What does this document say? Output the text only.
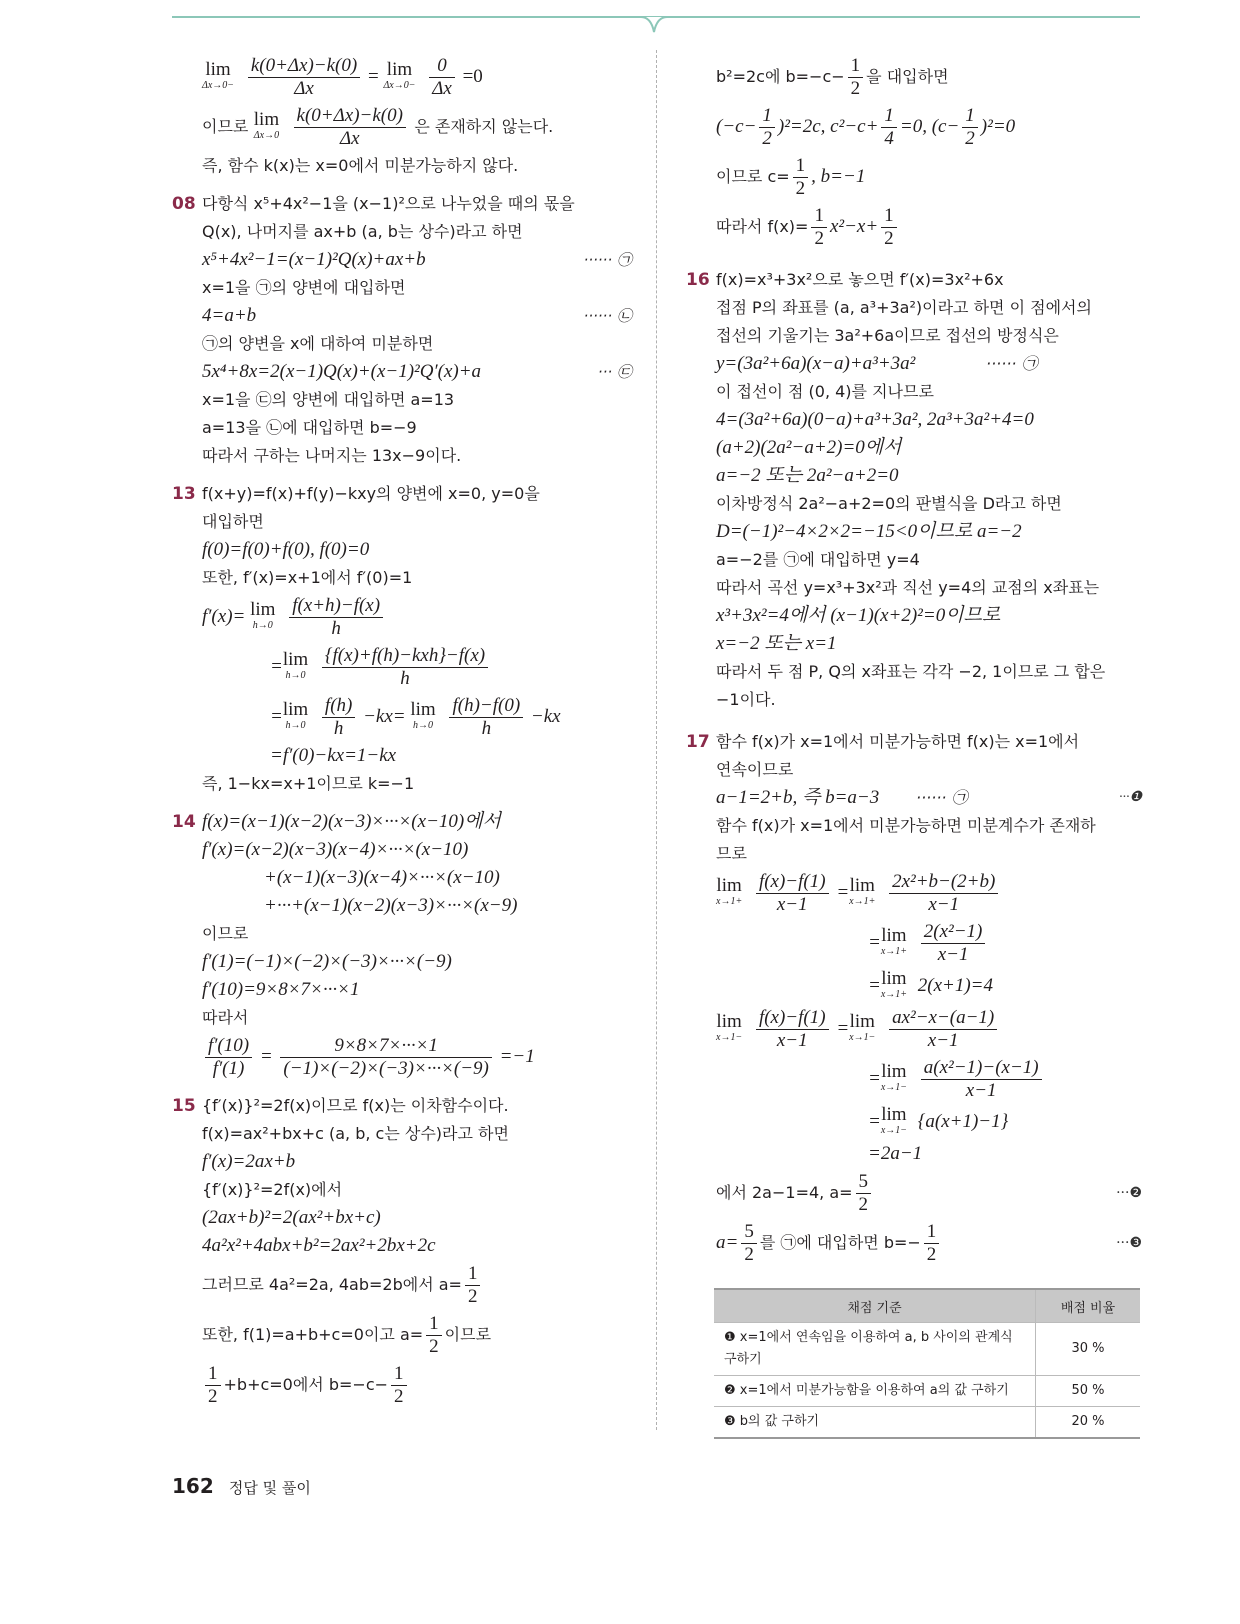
lim
Δx→0−
$\frac{k(0+\Delta x)-k(0)}{\Delta x} = \lim$
Δx→0−
$\frac{0}{\Delta x} =0$
이므로 lim
Δx→0
$\frac{k(0+\Delta x)-k(0)}{\Delta x}$ 은 존재하지 않는다.
즉, 함수 k(x)는 x=0에서 미분가능하지 않다.
08 다항식 x⁵+4x²−1을 (x−1)²으로 나누었을 때의 몫을
Q(x), 나머지를 ax+b (a, b는 상수)라고 하면
x⁵+4x²−1=(x−1)²Q(x)+ax+b	······ ㉠
x=1을 ㉠의 양변에 대입하면
4=a+b	······ ㉡
㉠의 양변을 x에 대하여 미분하면
5x⁴+8x=2(x−1)Q(x)+(x−1)²Q′(x)+a	··· ㉢
x=1을 ㉢의 양변에 대입하면 a=13
a=13을 ㉡에 대입하면 b=−9
따라서 구하는 나머지는 13x−9이다.
13 f(x+y)=f(x)+f(y)−kxy의 양변에 x=0, y=0을
대입하면
f(0)=f(0)+f(0), f(0)=0
또한, f′(x)=x+1에서 f′(0)=1
f′(x)= lim
h→0
$\frac{f(x+h)-f(x)}{h}$
= lim
h→0
$\frac{\text{\{f(x)+f(h)−kxh\}−f(x)}}{h}$
= lim
h→0
$\frac{f(h)}{h} -kx= \lim$
h→0
$\frac{f(h)-f(0)}{h} -kx$
=f′(0)−kx=1−kx
즉, 1−kx=x+1이므로 k=−1
14 f(x)=(x−1)(x−2)(x−3)×···×(x−10)에서
f′(x)=(x−2)(x−3)(x−4)×···×(x−10)
+(x−1)(x−3)(x−4)×···×(x−10)
+···+(x−1)(x−2)(x−3)×···×(x−9)
이므로
f′(1)=(−1)×(−2)×(−3)×···×(−9)
f′(10)=9×8×7×···×1
따라서
$\frac{f'(10)}{f'(1)} = \frac{9\times 8\times 7\times\cdot\cdot\cdot\times 1}{(-1)\times(-2)\times(-3)\times\cdot\cdot\cdot\times(-9)} =-1$
15 {f′(x)}²=2f(x)이므로 f(x)는 이차함수이다.
f(x)=ax²+bx+c (a, b, c는 상수)라고 하면
f′(x)=2ax+b
{f′(x)}²=2f(x)에서
(2ax+b)²=2(ax²+bx+c)
4a²x²+4abx+b²=2ax²+2bx+2c
그러므로 4a²=2a, 4ab=2b에서 $a= \frac{1}{2}$
또한, f(1)=a+b+c=0이고 $a= \frac{1}{2}$ 이므로
$\frac{1}{2} +b+c=0$에서 $b=-c- \frac{1}{2}$
b²=2c에 $b=-c- \frac{1}{2}$ 을 대입하면
$(-c- \frac{1}{2} )^2=2c$, $c^2-c+ \frac{1}{4} =0$, $(c- \frac{1}{2} )^2=0$
이므로 $c= \frac{1}{2}$ , b=−1
따라서 $f(x)= \frac{1}{2} x^2-x+ \frac{1}{2}$
16 f(x)=x³+3x²으로 놓으면 f′(x)=3x²+6x
접점 P의 좌표를 (a, a³+3a²)이라고 하면 이 점에서의
접선의 기울기는 3a²+6a이므로 접선의 방정식은
y=(3a²+6a)(x−a)+a³+3a²	······ ㉠
이 접선이 점 (0, 4)를 지나므로
4=(3a²+6a)(0−a)+a³+3a², 2a³+3a²+4=0
(a+2)(2a²−a+2)=0에서
a=−2 또는 2a²−a+2=0
이차방정식 2a²−a+2=0의 판별식을 D라고 하면
D=(−1)²−4×2×2=−15<0이므로 a=−2
a=−2를 ㉠에 대입하면 y=4
따라서 곡선 y=x³+3x²과 직선 y=4의 교점의 x좌표는
x³+3x²=4에서 (x−1)(x+2)²=0이므로
x=−2 또는 x=1
따라서 두 점 P, Q의 x좌표는 각각 −2, 1이므로 그 합은
−1이다.
17 함수 f(x)가 x=1에서 미분가능하면 f(x)는 x=1에서
연속이므로
a−1=2+b, 즉 b=a−3 ······ ㉠	···❶
함수 f(x)가 x=1에서 미분가능하면 미분계수가 존재하
므로
lim
x→1+
$\frac{f(x)-f(1)}{x-1} = \lim$
x→1+
$\frac{\text{2x²+b−(2+b)}}{x-1}$
= lim
x→1+
$\frac{\text{2(x²−1)}}{x-1}$
= lim
x→1+ 2(x+1)=4
lim
x→1−
$\frac{f(x)-f(1)}{x-1} = \lim$
x→1−
$\frac{\text{ax²−x−(a−1)}}{x-1}$
= lim
x→1−
$\frac{\text{a(x²−1)−(x−1)}}{x-1}$
= lim
x→1− {a(x+1)−1}
=2a−1
에서 2a−1=4, $a= \frac{5}{2}$	···❷
$a= \frac{5}{2}$ 를 ㉠에 대입하면 $b=- \frac{1}{2}$	···❸
채점 기준	배점 비율
❶ x=1에서 연속임을 이용하여 a, b 사이의 관계식 구하기	30 %
❷ x=1에서 미분가능함을 이용하여 a의 값 구하기	50 %
❸ b의 값 구하기	20 %
162 정답 및 풀이
